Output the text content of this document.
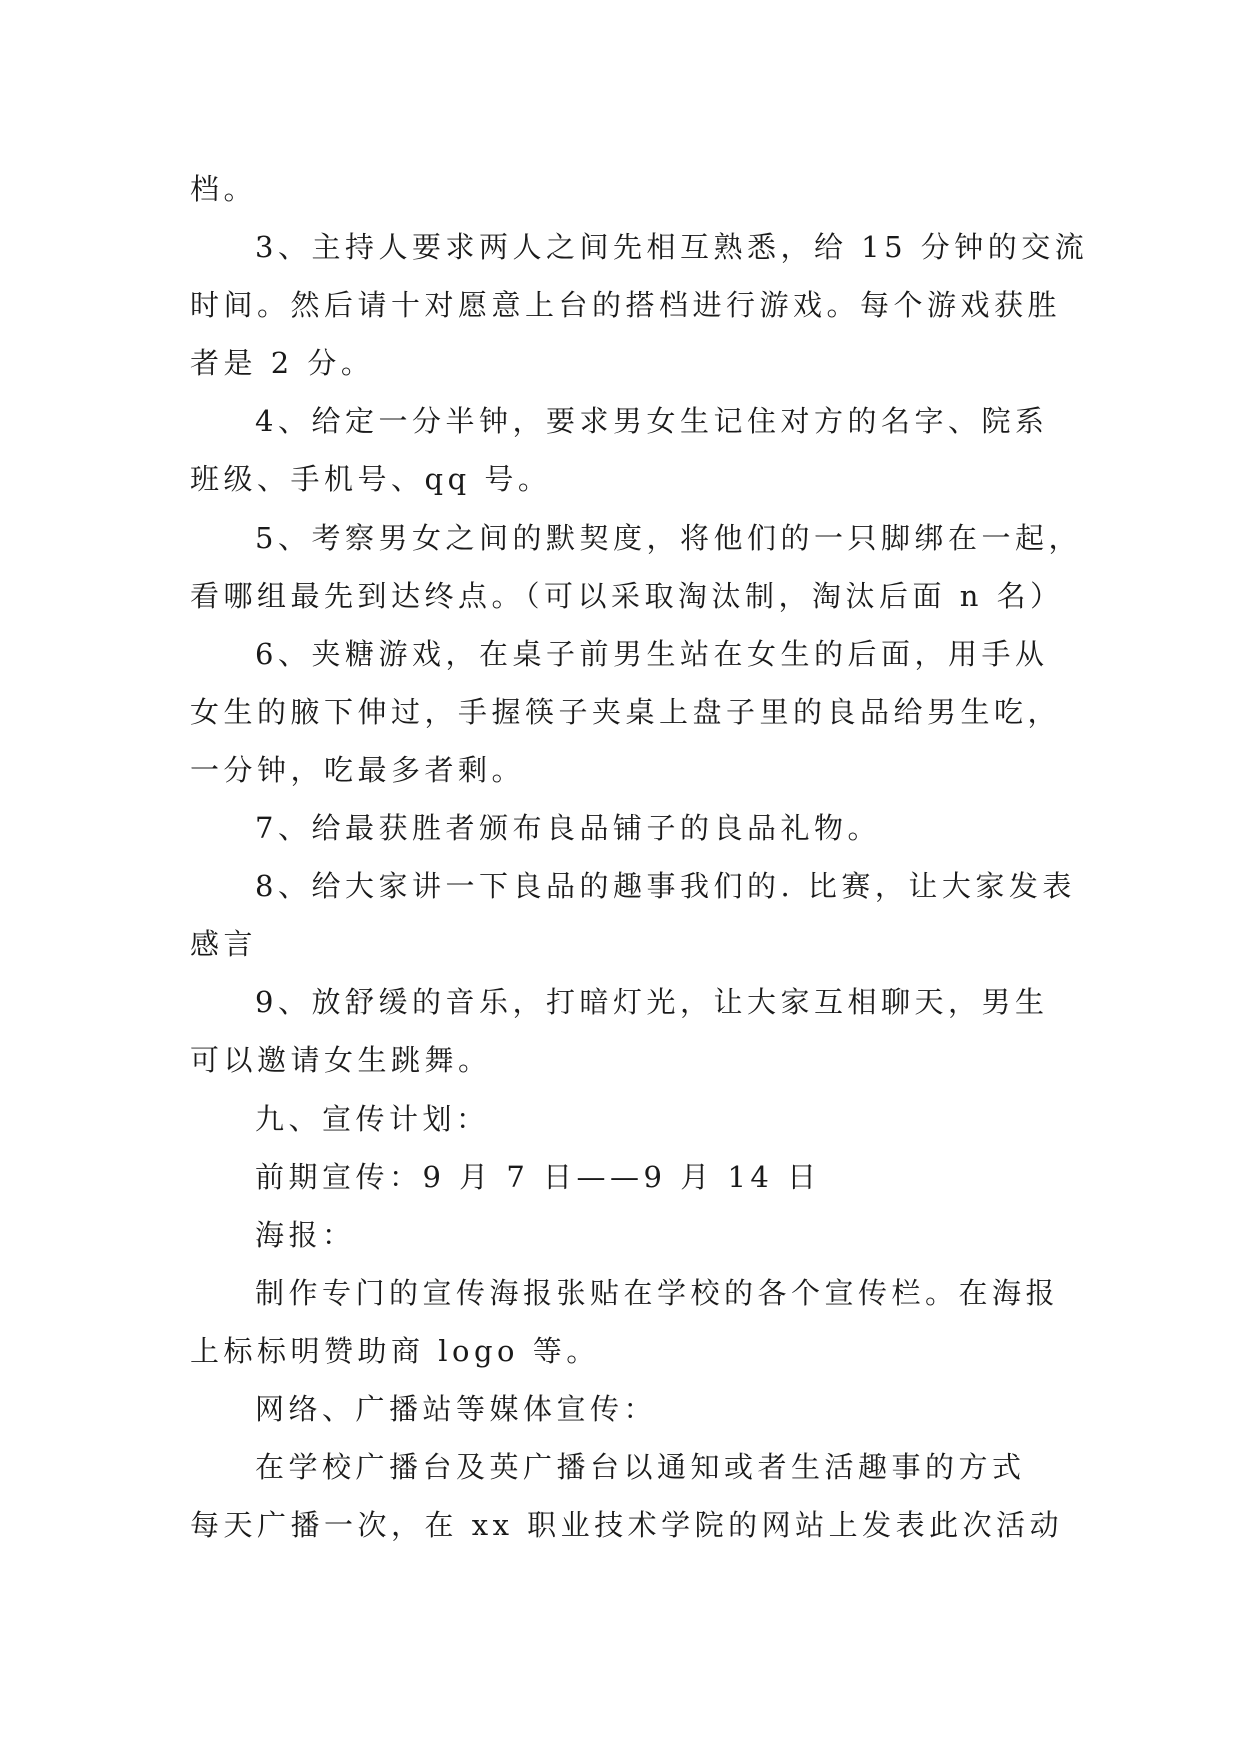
档。
3、主持人要求两人之间先相互熟悉，给 15 分钟的交流
时间。然后请十对愿意上台的搭档进行游戏。每个游戏获胜
者是 2 分。
4、给定一分半钟，要求男女生记住对方的名字、院系
班级、手机号、qq 号。
5、考察男女之间的默契度，将他们的一只脚绑在一起，
看哪组最先到达终点。（可以采取淘汰制，淘汰后面 n 名）
6、夹糖游戏，在桌子前男生站在女生的后面，用手从
女生的腋下伸过，手握筷子夹桌上盘子里的良品给男生吃，
一分钟，吃最多者剩。
7、给最获胜者颁布良品铺子的良品礼物。
8、给大家讲一下良品的趣事我们的. 比赛，让大家发表
感言
9、放舒缓的音乐，打暗灯光，让大家互相聊天，男生
可以邀请女生跳舞。
九、宣传计划：
前期宣传：9 月 7 日——9 月 14 日
海报：
制作专门的宣传海报张贴在学校的各个宣传栏。在海报
上标标明赞助商 logo 等。
网络、广播站等媒体宣传：
在学校广播台及英广播台以通知或者生活趣事的方式
每天广播一次，在 xx 职业技术学院的网站上发表此次活动
